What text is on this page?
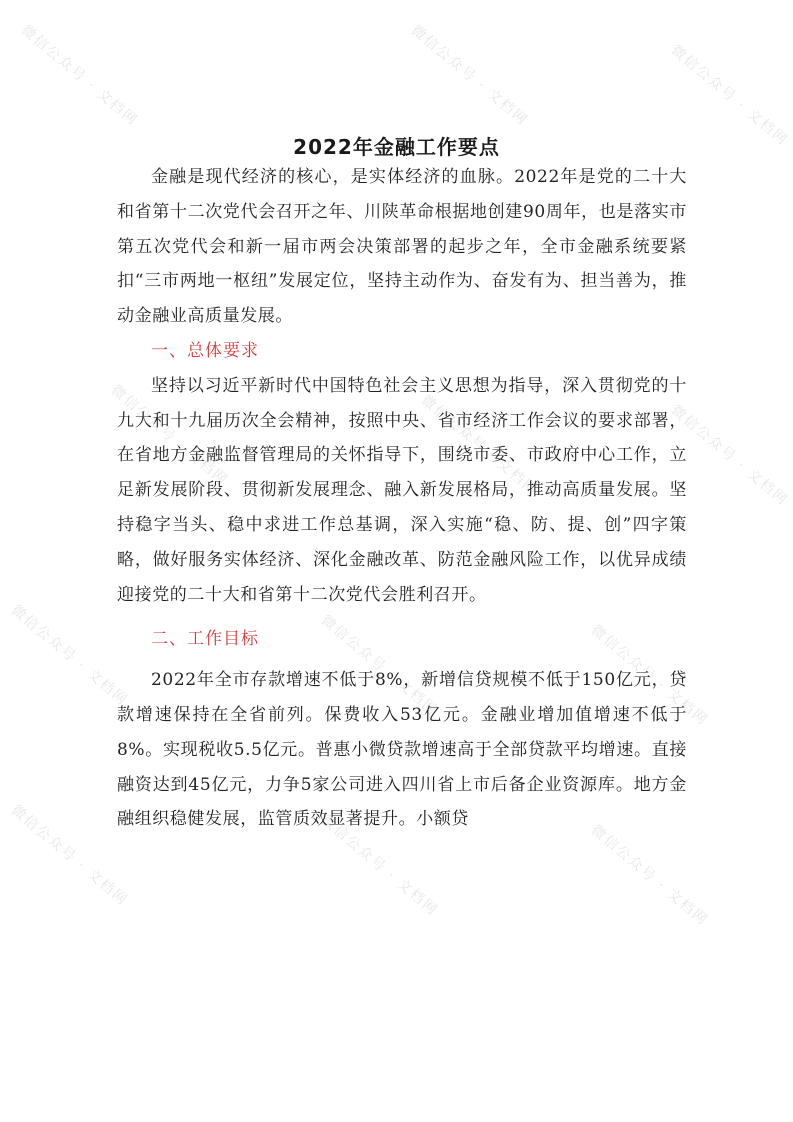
微信公众号 · 文档网	微信公众号 · 文档网	微信公众号 · 文档网
微信公众号 · 文档网	微信公众号 · 文档网	微信公众号 · 文档网
微信公众号 · 文档网	微信公众号 · 文档网	微信公众号 · 文档网
微信公众号 · 文档网	微信公众号 · 文档网	微信公众号 · 文档网
2022年金融工作要点

金融是现代经济的核心，是实体经济的血脉。2022年是党的二十大和省第十二次党代会召开之年、川陕革命根据地创建90周年，也是落实市第五次党代会和新一届市两会决策部署的起步之年，全市金融系统要紧扣“三市两地一枢纽”发展定位，坚持主动作为、奋发有为、担当善为，推动金融业高质量发展。

一、总体要求

坚持以习近平新时代中国特色社会主义思想为指导，深入贯彻党的十九大和十九届历次全会精神，按照中央、省市经济工作会议的要求部署，在省地方金融监督管理局的关怀指导下，围绕市委、市政府中心工作，立足新发展阶段、贯彻新发展理念、融入新发展格局，推动高质量发展。坚持稳字当头、稳中求进工作总基调，深入实施“稳、防、提、创”四字策略，做好服务实体经济、深化金融改革、防范金融风险工作，以优异成绩迎接党的二十大和省第十二次党代会胜利召开。

二、工作目标

2022年全市存款增速不低于8%，新增信贷规模不低于150亿元，贷款增速保持在全省前列。保费收入53亿元。金融业增加值增速不低于8%。实现税收5.5亿元。普惠小微贷款增速高于全部贷款平均增速。直接融资达到45亿元，力争5家公司进入四川省上市后备企业资源库。地方金融组织稳健发展，监管质效显著提升。小额贷
